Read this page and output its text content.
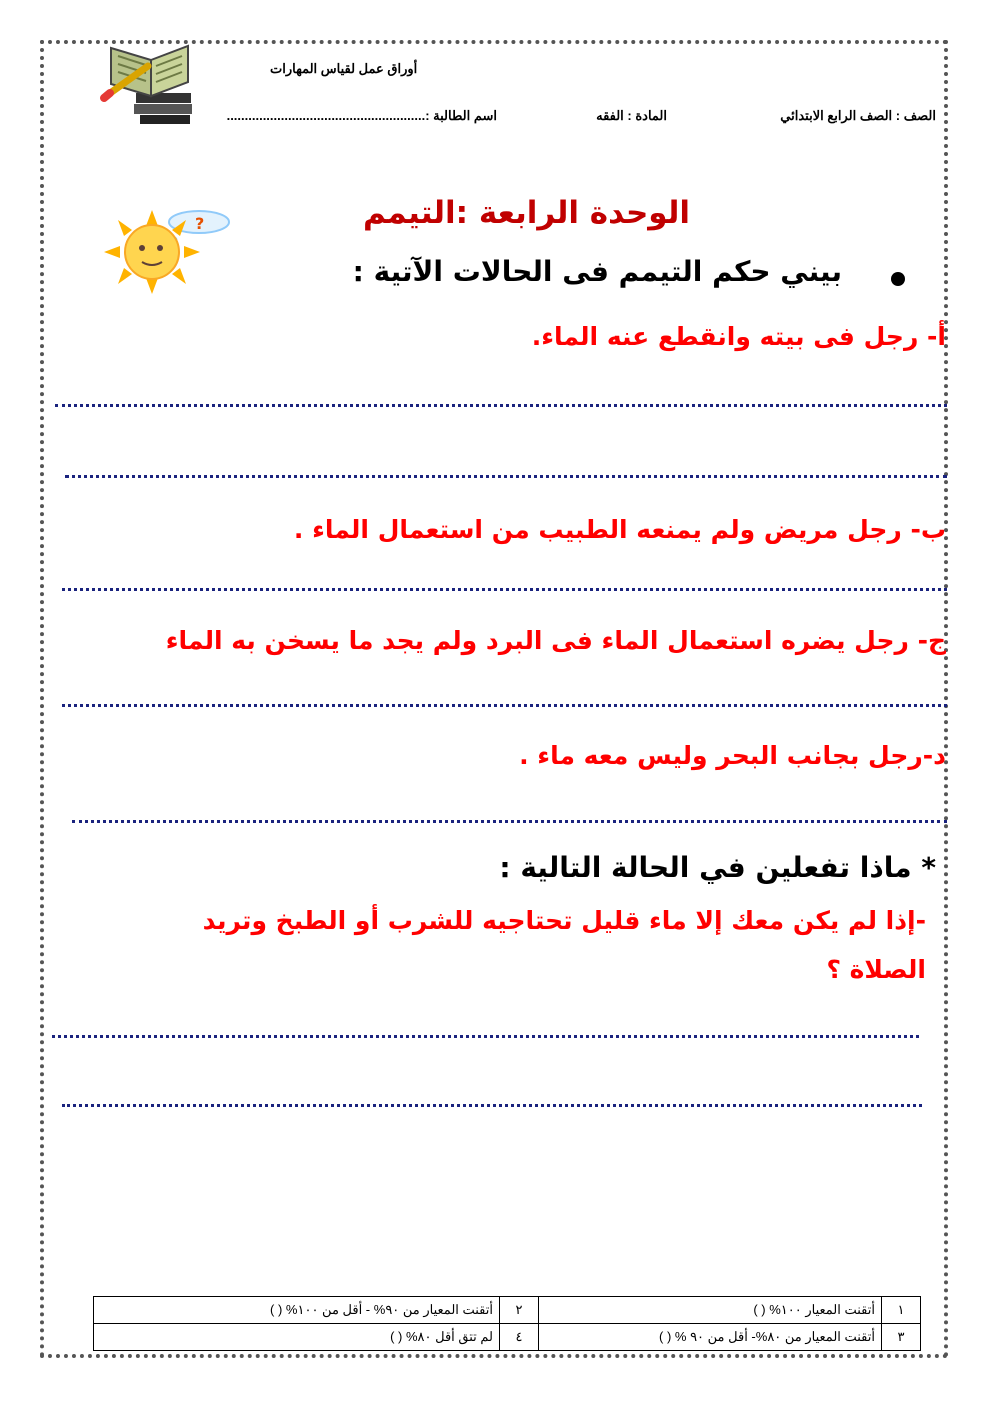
أوراق عمل لقياس المهارات
الصف : الصف الرابع الابتدائي
المادة : الفقه
اسم الطالبة :.......................................................
?	الوحدة الرابعة :التيمم
بيني حكم التيمم فى الحالات الآتية :
أ- رجل فى بيته وانقطع عنه الماء.
ب- رجل مريض ولم يمنعه الطبيب من استعمال الماء .
ج- رجل يضره استعمال الماء فى البرد ولم يجد ما يسخن به الماء
د-رجل بجانب البحر وليس معه ماء .
* ماذا تفعلين في الحالة التالية :
-إذا لم يكن معك إلا ماء قليل تحتاجيه للشرب أو الطبخ وتريد
الصلاة ؟
١	أتقنت المعيار ١٠٠% ( )	٢	أتقنت المعيار من ٩٠% - أقل من ١٠٠% ( )
٣	أتقنت المعيار من ٨٠%- أقل من ٩٠ % ( )	٤	لم تتق أقل ٨٠% ( )
